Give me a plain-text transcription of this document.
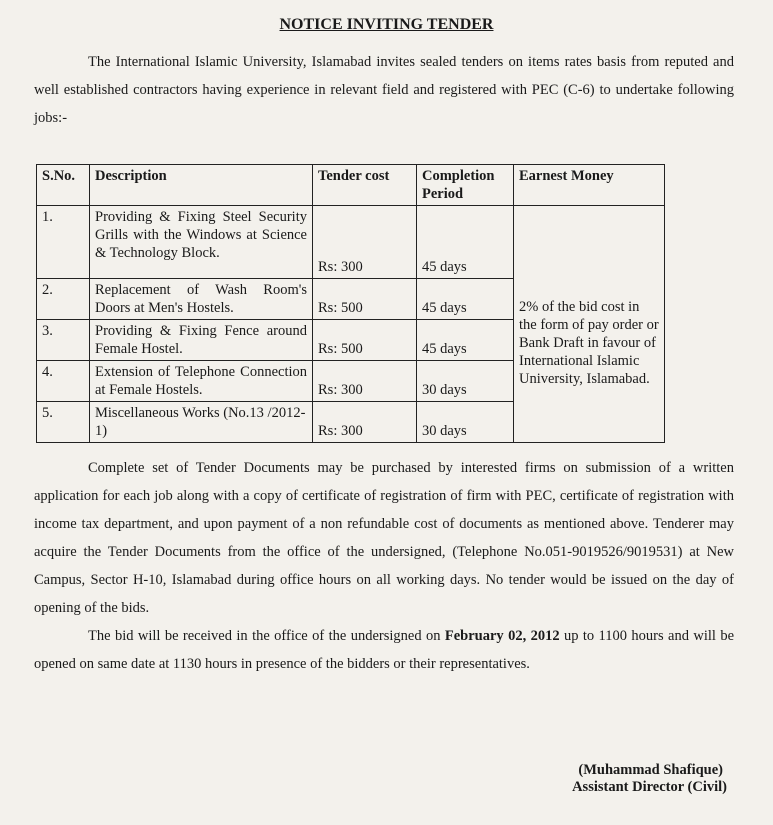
NOTICE INVITING TENDER
The International Islamic University, Islamabad invites sealed tenders on items rates basis from reputed and well established contractors having experience in relevant field and registered with PEC (C-6) to undertake following jobs:-
S.No.	Description	Tender cost	Completion Period	Earnest Money
1.	Providing & Fixing Steel Security Grills with the Windows at Science & Technology Block.	Rs: 300	45 days	2% of the bid cost in the form of pay order or Bank Draft in favour of International Islamic University, Islamabad.
2.	Replacement of Wash Room's Doors at Men's Hostels.	Rs: 500	45 days	
3.	Providing & Fixing Fence around Female Hostel.	Rs: 500	45 days	
4.	Extension of Telephone Connection at Female Hostels.	Rs: 300	30 days	
5.	Miscellaneous Works (No.13 /2012-1)	Rs: 300	30 days	
Complete set of Tender Documents may be purchased by interested firms on submission of a written application for each job along with a copy of certificate of registration of firm with PEC, certificate of registration with income tax department, and upon payment of a non refundable cost of documents as mentioned above. Tenderer may acquire the Tender Documents from the office of the undersigned, (Telephone No.051-9019526/9019531) at New Campus, Sector H-10, Islamabad during office hours on all working days. No tender would be issued on the day of opening of the bids.
The bid will be received in the office of the undersigned on February 02, 2012 up to 1100 hours and will be opened on same date at 1130 hours in presence of the bidders or their representatives.
(Muhammad Shafique)
Assistant Director (Civil)
